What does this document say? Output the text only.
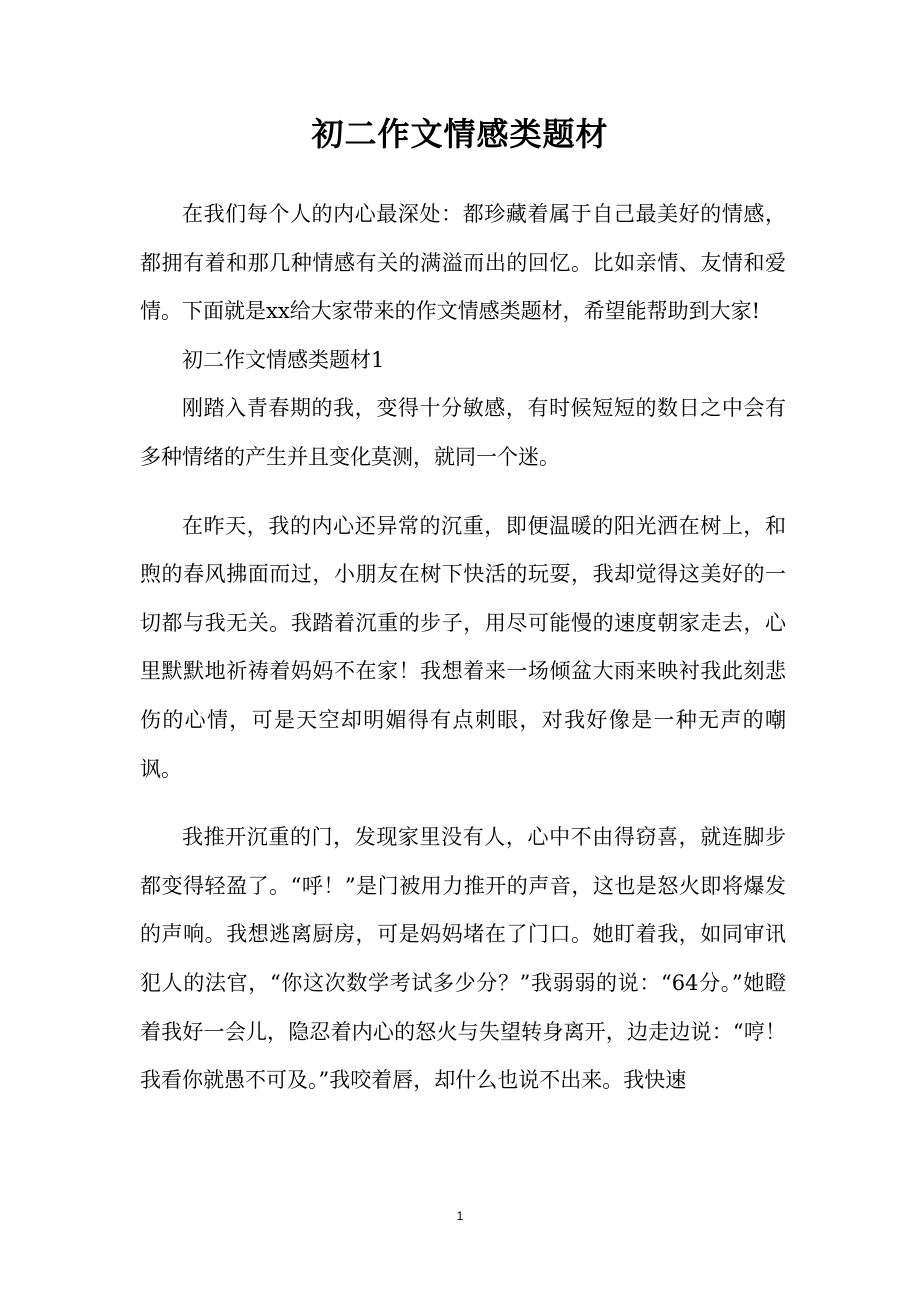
初二作文情感类题材

在我们每个人的内心最深处：都珍藏着属于自己最美好的情感，都拥有着和那几种情感有关的满溢而出的回忆。比如亲情、友情和爱情。下面就是xx给大家带来的作文情感类题材，希望能帮助到大家!

初二作文情感类题材1

刚踏入青春期的我，变得十分敏感，有时候短短的数日之中会有多种情绪的产生并且变化莫测，就同一个迷。

在昨天，我的内心还异常的沉重，即便温暖的阳光洒在树上，和煦的春风拂面而过，小朋友在树下快活的玩耍，我却觉得这美好的一切都与我无关。我踏着沉重的步子，用尽可能慢的速度朝家走去，心里默默地祈祷着妈妈不在家！我想着来一场倾盆大雨来映衬我此刻悲伤的心情，可是天空却明媚得有点刺眼，对我好像是一种无声的嘲讽。

我推开沉重的门，发现家里没有人，心中不由得窃喜，就连脚步都变得轻盈了。“呼！”是门被用力推开的声音，这也是怒火即将爆发的声响。我想逃离厨房，可是妈妈堵在了门口。她盯着我，如同审讯犯人的法官，“你这次数学考试多少分？”我弱弱的说：“64分。”她瞪着我好一会儿，隐忍着内心的怒火与失望转身离开，边走边说：“哼！我看你就愚不可及。”我咬着唇，却什么也说不出来。我快速

1
